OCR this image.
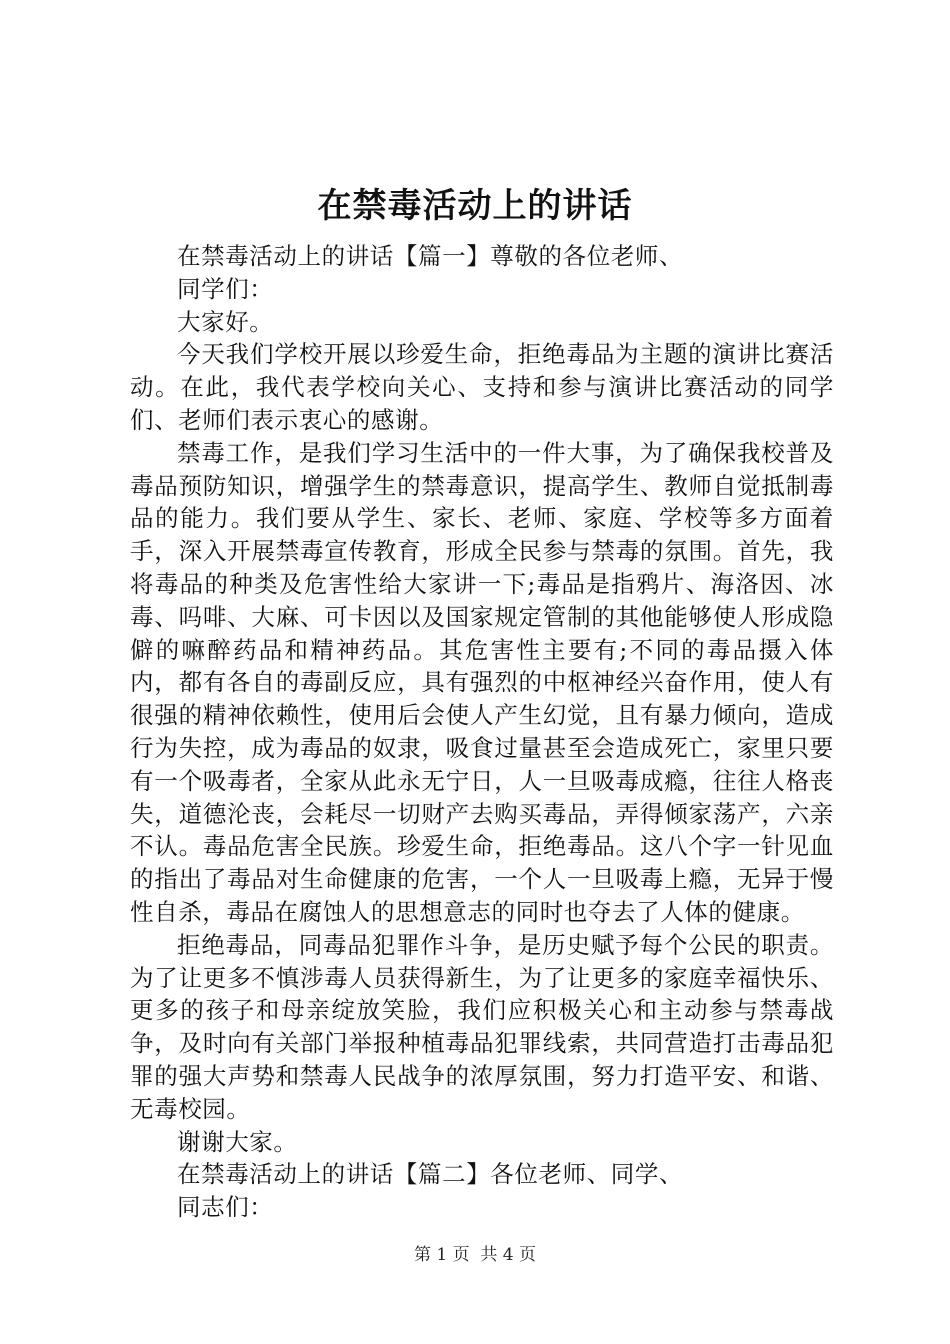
在禁毒活动上的讲话

在禁毒活动上的讲话【篇一】尊敬的各位老师、

同学们：

大家好。

今天我们学校开展以珍爱生命，拒绝毒品为主题的演讲比赛活动。在此，我代表学校向关心、支持和参与演讲比赛活动的同学们、老师们表示衷心的感谢。

禁毒工作，是我们学习生活中的一件大事，为了确保我校普及毒品预防知识，增强学生的禁毒意识，提高学生、教师自觉抵制毒品的能力。我们要从学生、家长、老师、家庭、学校等多方面着手，深入开展禁毒宣传教育，形成全民参与禁毒的氛围。首先，我将毒品的种类及危害性给大家讲一下;毒品是指鸦片、海洛因、冰毒、吗啡、大麻、可卡因以及国家规定管制的其他能够使人形成隐僻的嘛醉药品和精神药品。其危害性主要有;不同的毒品摄入体内，都有各自的毒副反应，具有强烈的中枢神经兴奋作用，使人有很强的精神依赖性，使用后会使人产生幻觉，且有暴力倾向，造成行为失控，成为毒品的奴隶，吸食过量甚至会造成死亡，家里只要有一个吸毒者，全家从此永无宁日，人一旦吸毒成瘾，往往人格丧失，道德沦丧，会耗尽一切财产去购买毒品，弄得倾家荡产，六亲不认。毒品危害全民族。珍爱生命，拒绝毒品。这八个字一针见血的指出了毒品对生命健康的危害，一个人一旦吸毒上瘾，无异于慢性自杀，毒品在腐蚀人的思想意志的同时也夺去了人体的健康。

拒绝毒品，同毒品犯罪作斗争，是历史赋予每个公民的职责。为了让更多不慎涉毒人员获得新生，为了让更多的家庭幸福快乐、更多的孩子和母亲绽放笑脸，我们应积极关心和主动参与禁毒战争，及时向有关部门举报种植毒品犯罪线索，共同营造打击毒品犯罪的强大声势和禁毒人民战争的浓厚氛围，努力打造平安、和谐、无毒校园。

谢谢大家。

在禁毒活动上的讲话【篇二】各位老师、同学、

同志们：

第 1 页  共 4 页
